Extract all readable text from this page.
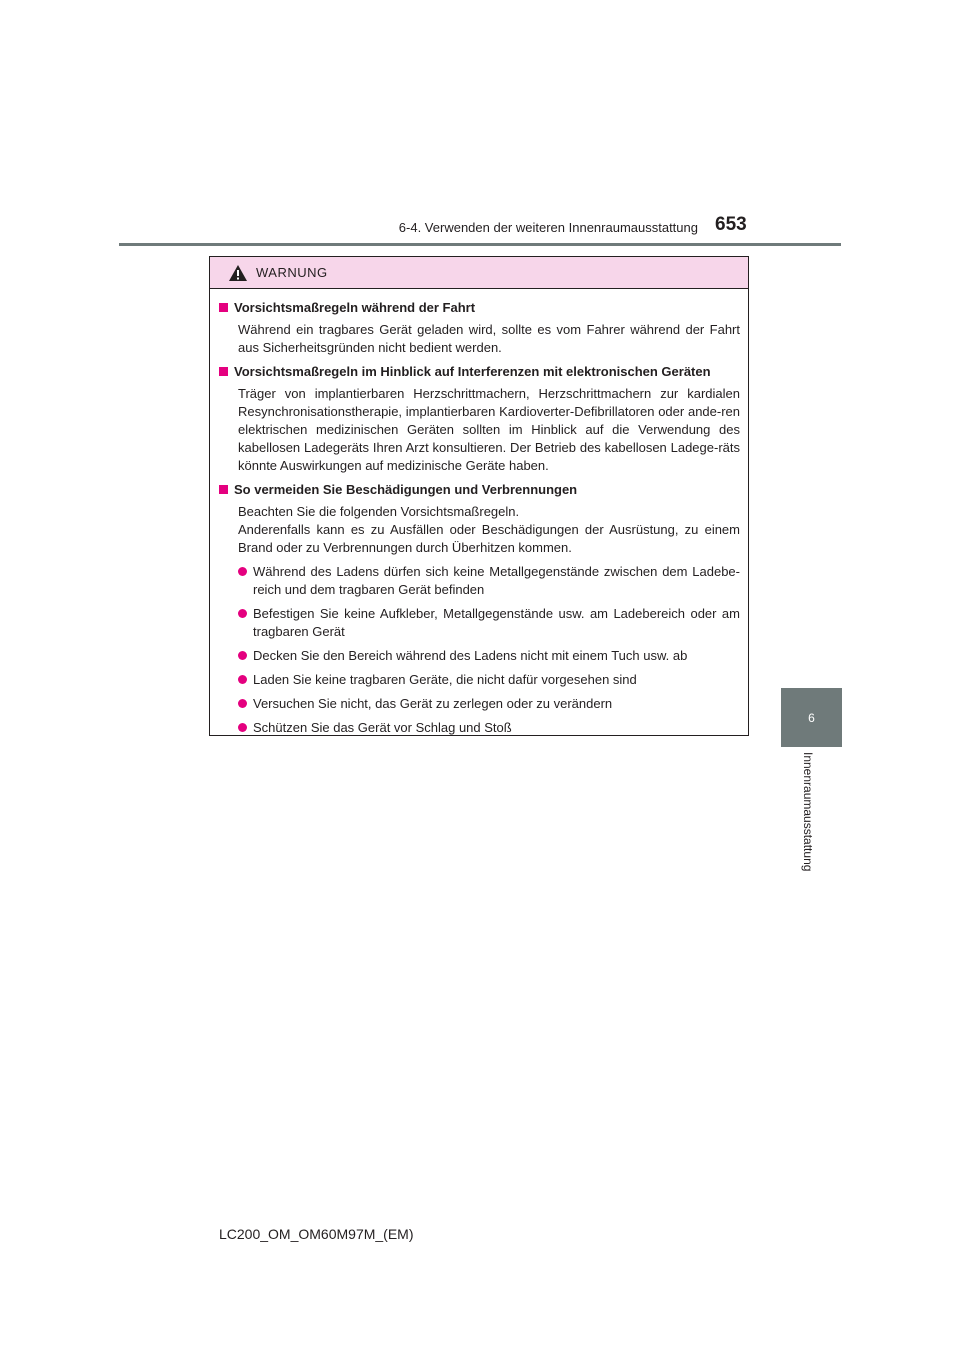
6-4. Verwenden der weiteren Innenraumausstattung 653
6
Innenraumausstattung
WARNUNG
Vorsichtsmaßregeln während der Fahrt
Während ein tragbares Gerät geladen wird, sollte es vom Fahrer während der Fahrt aus Sicherheitsgründen nicht bedient werden.
Vorsichtsmaßregeln im Hinblick auf Interferenzen mit elektronischen Geräten
Träger von implantierbaren Herzschrittmachern, Herzschrittmachern zur kardialen Resynchronisationstherapie, implantierbaren Kardioverter-Defibrillatoren oder ande-ren elektrischen medizinischen Geräten sollten im Hinblick auf die Verwendung des kabellosen Ladegeräts Ihren Arzt konsultieren. Der Betrieb des kabellosen Ladege-räts könnte Auswirkungen auf medizinische Geräte haben.
So vermeiden Sie Beschädigungen und Verbrennungen
Beachten Sie die folgenden Vorsichtsmaßregeln.
Anderenfalls kann es zu Ausfällen oder Beschädigungen der Ausrüstung, zu einem Brand oder zu Verbrennungen durch Überhitzen kommen.
Während des Ladens dürfen sich keine Metallgegenstände zwischen dem Ladebe-reich und dem tragbaren Gerät befinden
Befestigen Sie keine Aufkleber, Metallgegenstände usw. am Ladebereich oder am tragbaren Gerät
Decken Sie den Bereich während des Ladens nicht mit einem Tuch usw. ab
Laden Sie keine tragbaren Geräte, die nicht dafür vorgesehen sind
Versuchen Sie nicht, das Gerät zu zerlegen oder zu verändern
Schützen Sie das Gerät vor Schlag und Stoß
LC200_OM_OM60M97M_(EM)
